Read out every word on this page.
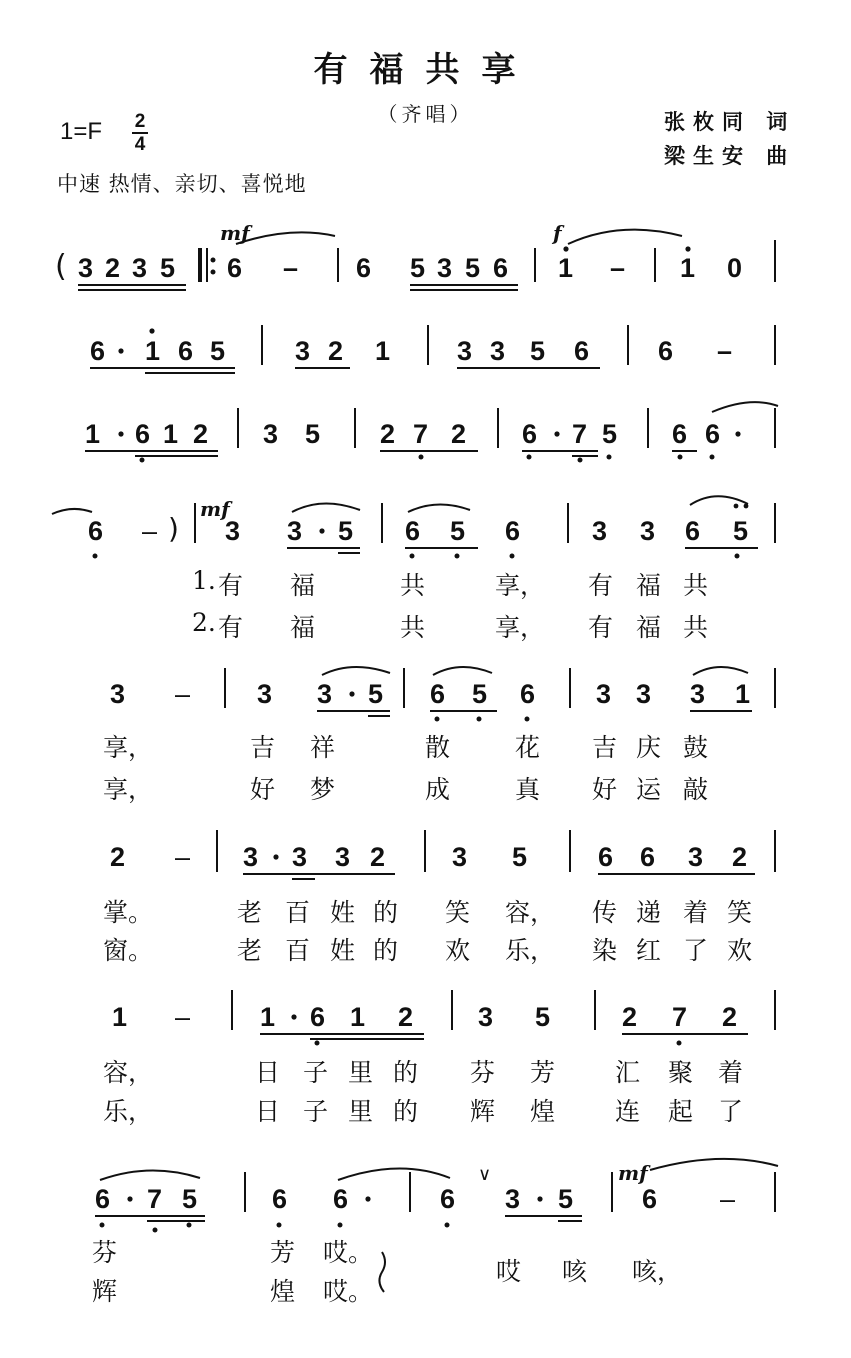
有福共享
（齐唱）	张枚同 词
梁生安 曲
1=F 2
4
中速 热情、亲切、喜悦地
( 3 2 3 5 6 – 6 5 3 5 6 1 – 1 0
6 1 6 5	3 2 1 3 3 5 6	6 –
1 6 1 2 3 5 2 7 2 6 7 5 6 6
6 – ) 3 3 5 6 5 6	3 3 6 5
3 – 3 3 5 6 5 6 3 3 3 1
2 – 3 3 3 2 3 5	6 6 3 2
1 –	1 6 1 2 3 5	2 7 2
6 7 5	6 6	6
∨
3 5	6 –
mf	f
mf
mf
1. 有 福	共	享， 有 福 共
2. 有 福	共	享， 有 福 共
享，	吉 祥	散	花 吉 庆 鼓
享，	好 梦	成	真 好 运 敲
掌。	老 百 姓 的 笑 容， 传 递 着 笑
窗。	老 百 姓 的 欢 乐， 染 红 了 欢
容，	日 子 里 的 芬 芳 汇 聚 着
乐，	日 子 里 的 辉 煌 连 起 了
芬	芳 哎。
辉	煌 哎。
哎 咳 咳，
